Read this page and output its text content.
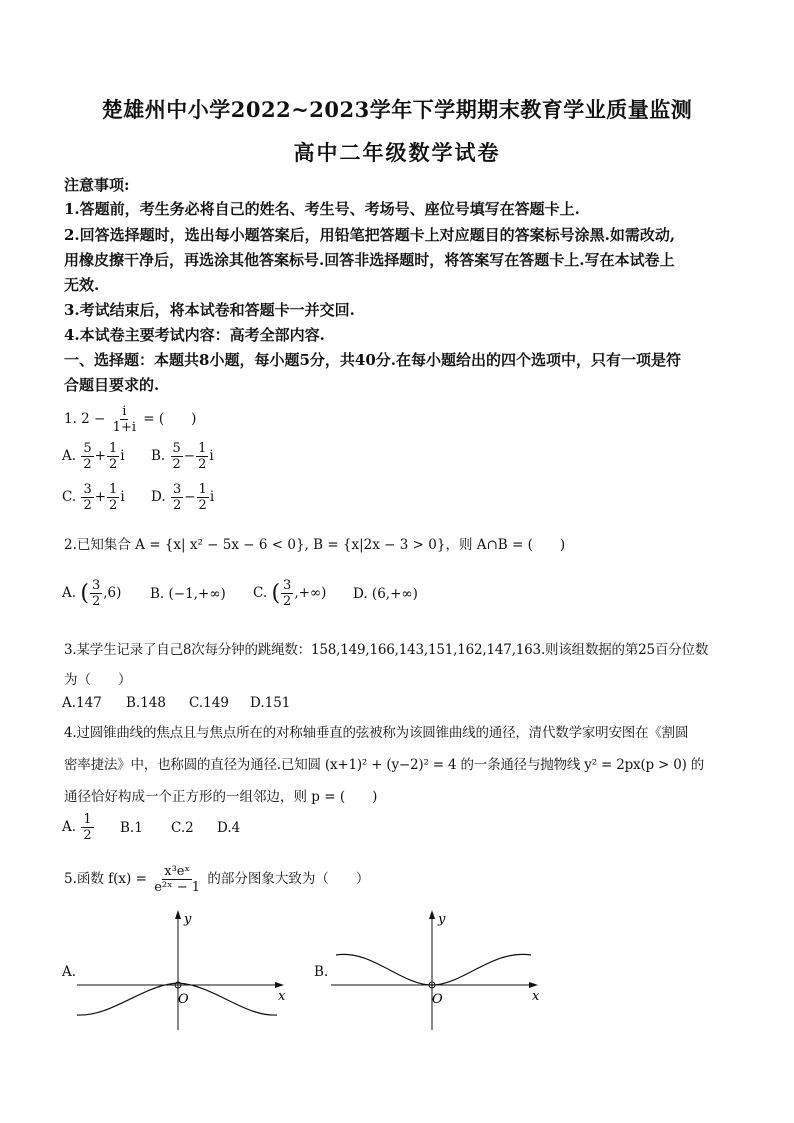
楚雄州中小学2022~2023学年下学期期末教育学业质量监测
高中二年级数学试卷
注意事项:
1.答题前，考生务必将自己的姓名、考生号、考场号、座位号填写在答题卡上.
2.回答选择题时，选出每小题答案后，用铅笔把答题卡上对应题目的答案标号涂黑.如需改动,
用橡皮擦干净后，再选涂其他答案标号.回答非选择题时，将答案写在答题卡上.写在本试卷上
无效.
3.考试结束后，将本试卷和答题卡一并交回.
4.本试卷主要考试内容：高考全部内容.
一、选择题：本题共8小题，每小题5分，共40分.在每小题给出的四个选项中，只有一项是符
合题目要求的.
1. $2 - \frac{i}{1+i}$ = (　　)
A. $\frac{5}{2} + \frac{1}{2}$ i B. $\frac{5}{2} - \frac{1}{2}$ i
C. $\frac{3}{2} + \frac{1}{2}$ i D. $\frac{3}{2} - \frac{1}{2}$ i
2.已知集合 A = {x| x² − 5x − 6 < 0}, B = {x|2x − 3 > 0}，则 A∩B = (　　)
A. ( $\frac{3}{2} ,6$) B. (−1,+∞) C. ( $\frac{3}{2}$ ,+∞) D. (6,+∞)
3.某学生记录了自己8次每分钟的跳绳数：158,149,166,143,151,162,147,163.则该组数据的第25百分位数
为（　　）
A.147 B.148 C.149 D.151
4.过圆锥曲线的焦点且与焦点所在的对称轴垂直的弦被称为该圆锥曲线的通径，清代数学家明安图在《割圆
密率捷法》中，也称圆的直径为通径.已知圆 (x+1)² + (y−2)² = 4 的一条通径与抛物线 y² = 2px(p > 0) 的
通径恰好构成一个正方形的一组邻边，则 p = (　　)
A. $\frac{1}{2} B.1$ C.2 D.4
5.函数 $f(x) = \frac{\text{x³eˣ}}{\text{e²ˣ − 1}}$ 的部分图象大致为（　　）
A.
x
y
O
B.
x
y
O
